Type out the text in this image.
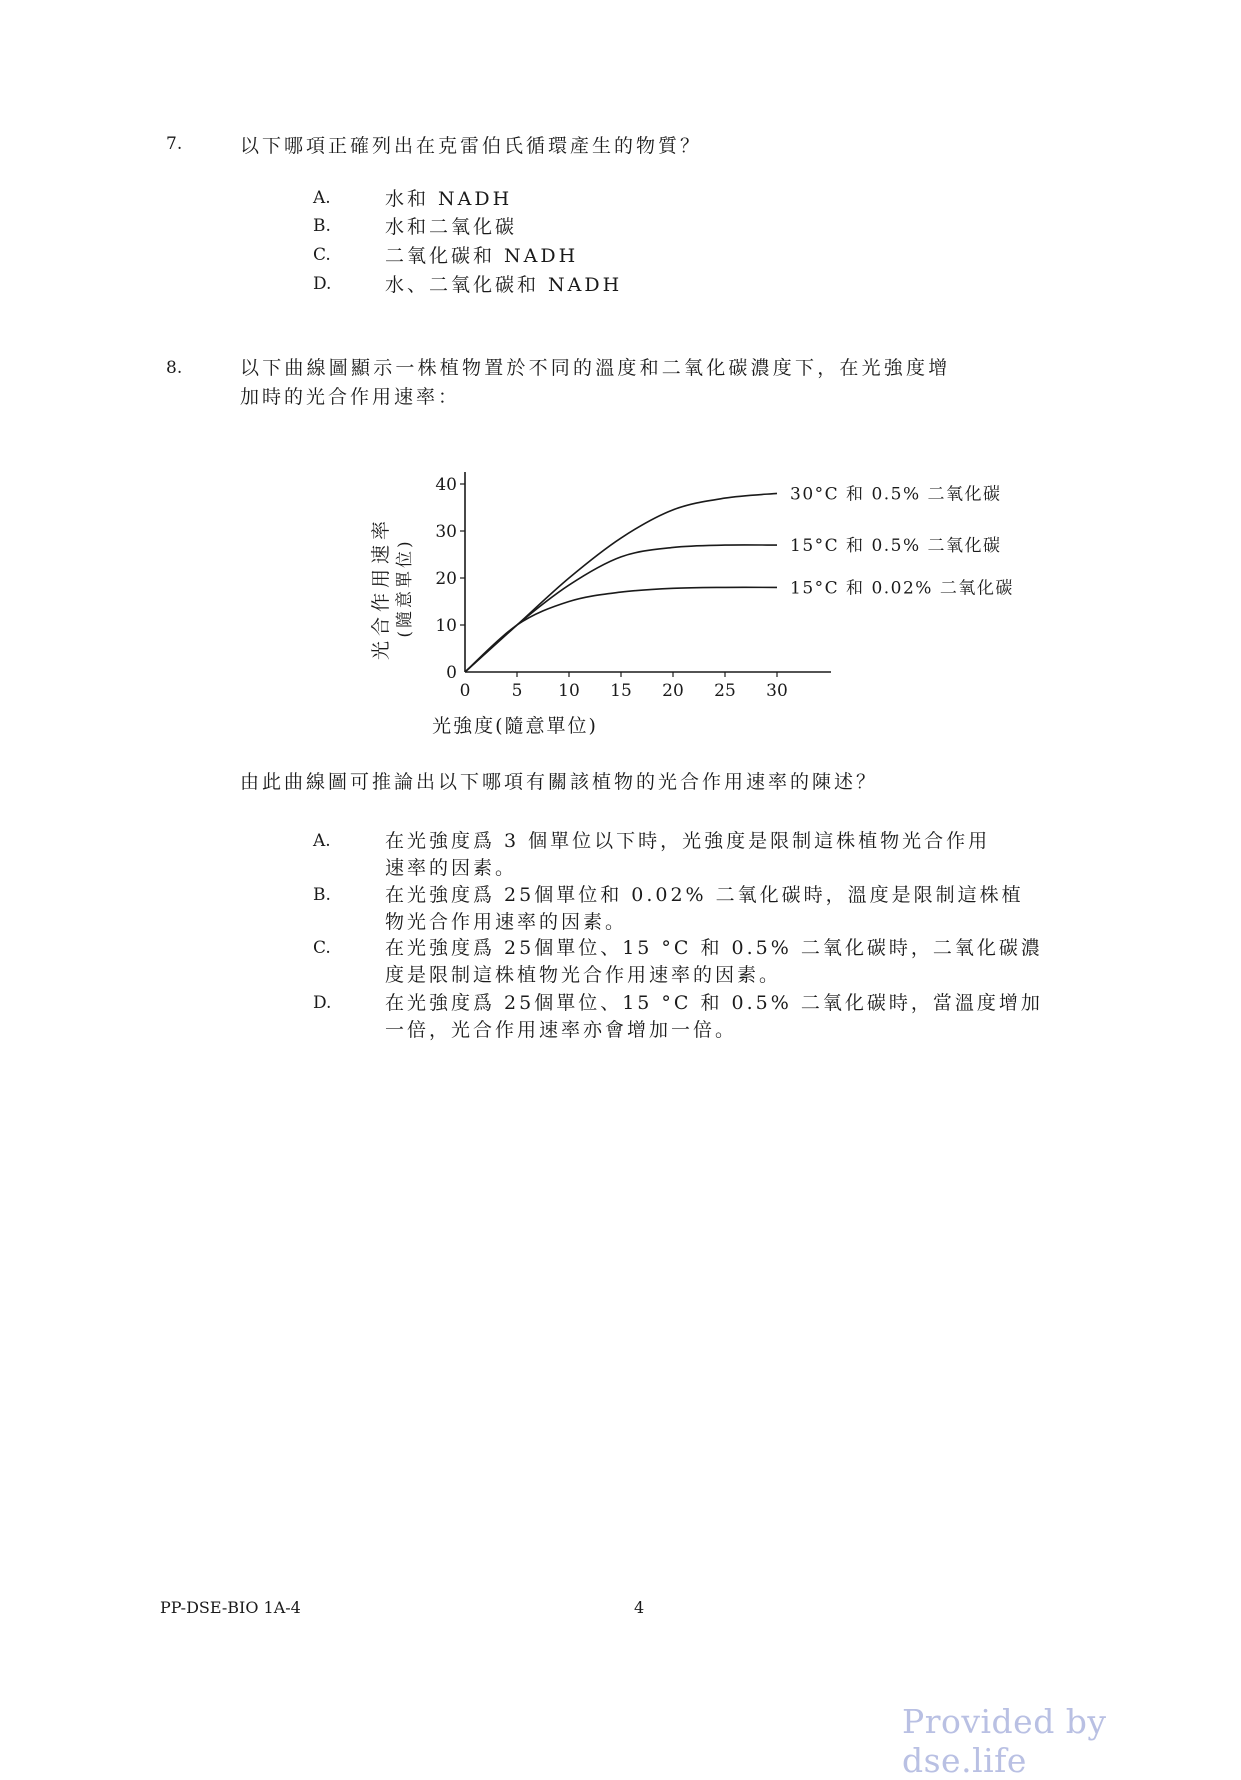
7.	以下哪項正確列出在克雷伯氏循環產生的物質？
A.	水和 NADH
B.	水和二氧化碳
C.	二氧化碳和 NADH
D.	水、二氧化碳和 NADH
8.	以下曲線圖顯示一株植物置於不同的溫度和二氧化碳濃度下，在光強度增
加時的光合作用速率：
0 5 10 15 20 25 30
0
10
20
30
40	30°C 和 0.5% 二氧化碳
15°C 和 0.5% 二氧化碳
15°C 和 0.02% 二氧化碳
光合作用速率 (隨意單位)
光強度(隨意單位)
由此曲線圖可推論出以下哪項有關該植物的光合作用速率的陳述？
A.	在光強度爲 3 個單位以下時，光強度是限制這株植物光合作用
速率的因素。
B.	在光強度爲 25個單位和 0.02% 二氧化碳時，溫度是限制這株植
物光合作用速率的因素。
C.	在光強度爲 25個單位、15 °C 和 0.5% 二氧化碳時，二氧化碳濃
度是限制這株植物光合作用速率的因素。
D.	在光強度爲 25個單位、15 °C 和 0.5% 二氧化碳時，當溫度增加
一倍，光合作用速率亦會增加一倍。
PP-DSE-BIO 1A-4	4
Provided by dse.life
